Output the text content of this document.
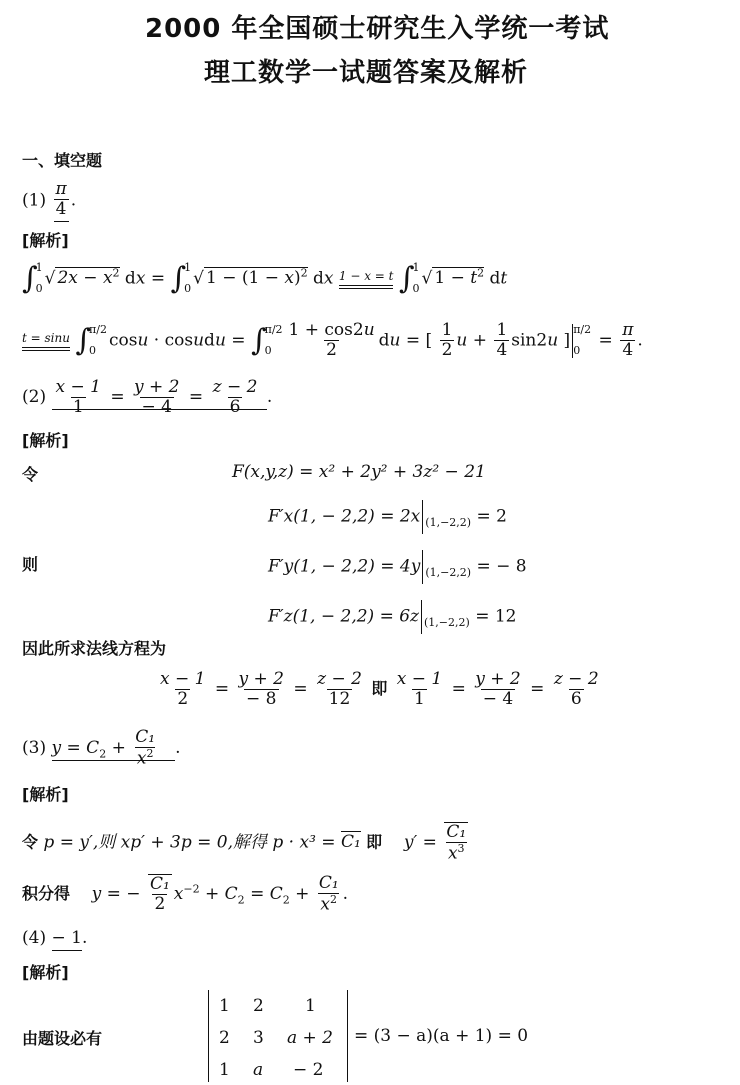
2000 年全国硕士研究生入学统一考试
理工数学一试题答案及解析
一、填空题
$(1) \frac{\pi}{4}$ .
[解析]
∫
1
0 √ $2x - x^2$ dx = ∫
1
0 √ $1 - (1 - x)^2$ dx 1 − x = t ∫
1
0 √ $1 - t^2$ dt
t = sinu ∫
π/2
0 cosu · cosudu = ∫
π/2
$0 \frac{1 + \cos 2u}{2}$ du = [ $\frac{1}{2}$ $u + \frac{1}{4} \sin 2u$ ]
π/2
$0 = \frac{\pi}{4}$ .
$(2) \frac{x - 1}{1} = \frac{y + 2}{- 4} = \frac{z - 2}{6}$ .
[解析]
令	F(x,y,z) = x² + 2y² + 3z² − 21
F′x(1, − 2,2) = 2x $_{(1,-2,2)}$ = 2
则	F′y(1, − 2,2) = 4y $_{(1,-2,2)}$ = − 8
F′z(1, − 2,2) = 6z $_{(1,-2,2)}$ = 12
因此所求法线方程为
$\frac{x - 1}{2} = \frac{y + 2}{- 8} = \frac{z - 2}{12}$ 即 $\frac{x - 1}{1} = \frac{y + 2}{- 4} = \frac{z - 2}{6}$
(3) $y = C_2 + \frac{\text{C₁}}{x^2}$ .
[解析]
令 p = y′,则 xp′ + 3p = 0,解得 p · x³ = C₁ 即 $y' = \frac{\text{C₁}}{x^3}$
积分得 y = − $\frac{\text{C₁}}{2} x^{-2} + C_2 = C_2 + \frac{\text{C₁}}{x^2}$ .
(4) − 1.
[解析]
由题设必有
1 2 1
2 3 a + 2
1 a − 2
= (3 − a)(a + 1) = 0
